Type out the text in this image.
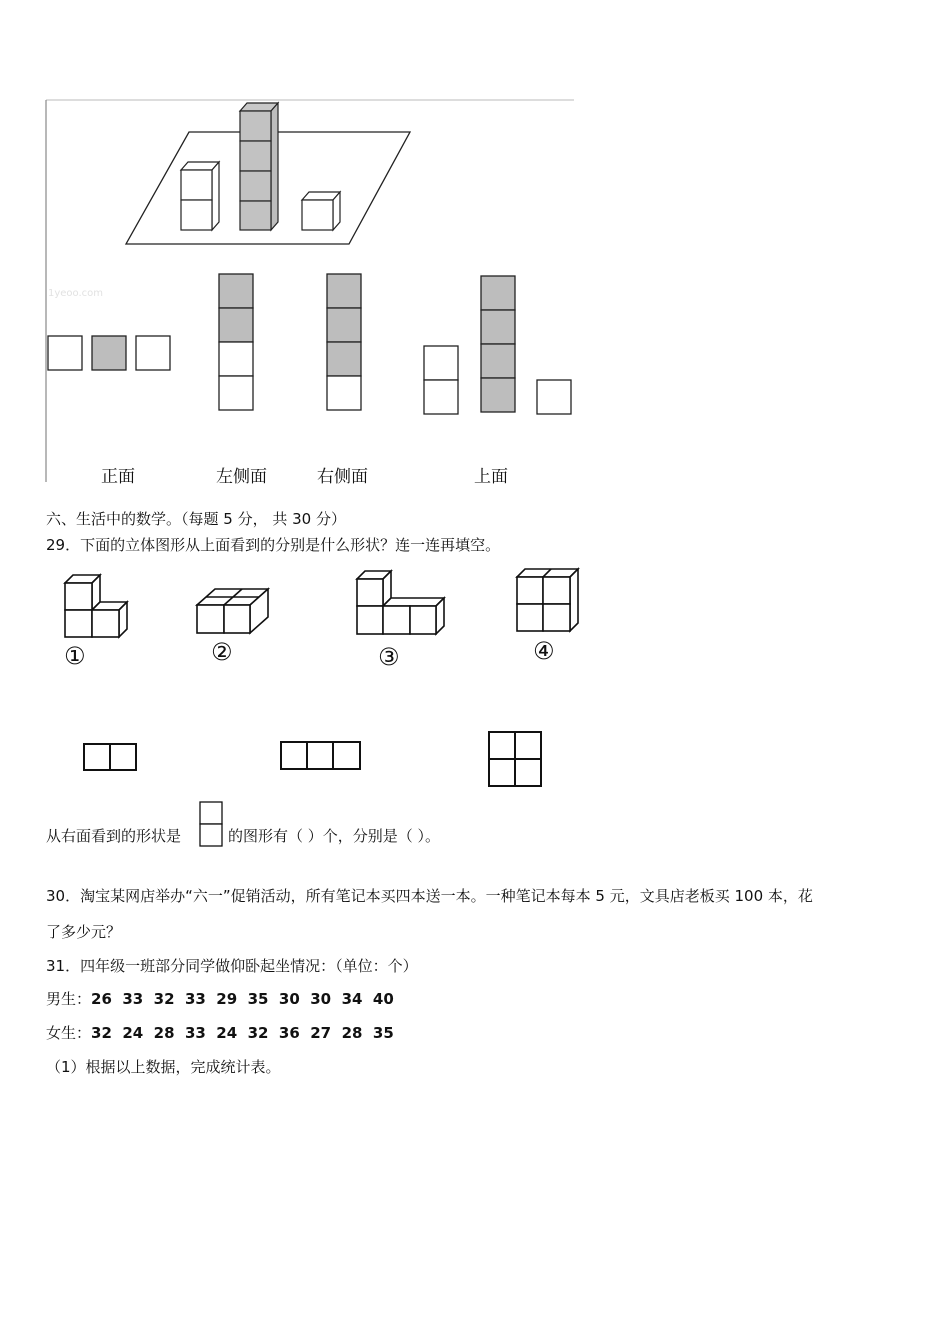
1yeoo.com
正面	左侧面	右侧面	上面
六、生活中的数学。（每题 5 分， 共 30 分）
29．下面的立体图形从上面看到的分别是什么形状？连一连再填空。
①	②	③	④
从右面看到的形状是	的图形有（ ）个，分别是（ ）。
30．淘宝某网店举办“六一”促销活动，所有笔记本买四本送一本。一种笔记本每本 5 元，文具店老板买 100 本，花
了多少元？
31．四年级一班部分同学做仰卧起坐情况：（单位：个）
男生：26  33  32  33  29  35  30  30  34  40
女生：32  24  28  33  24  32  36  27  28  35
（1）根据以上数据，完成统计表。
